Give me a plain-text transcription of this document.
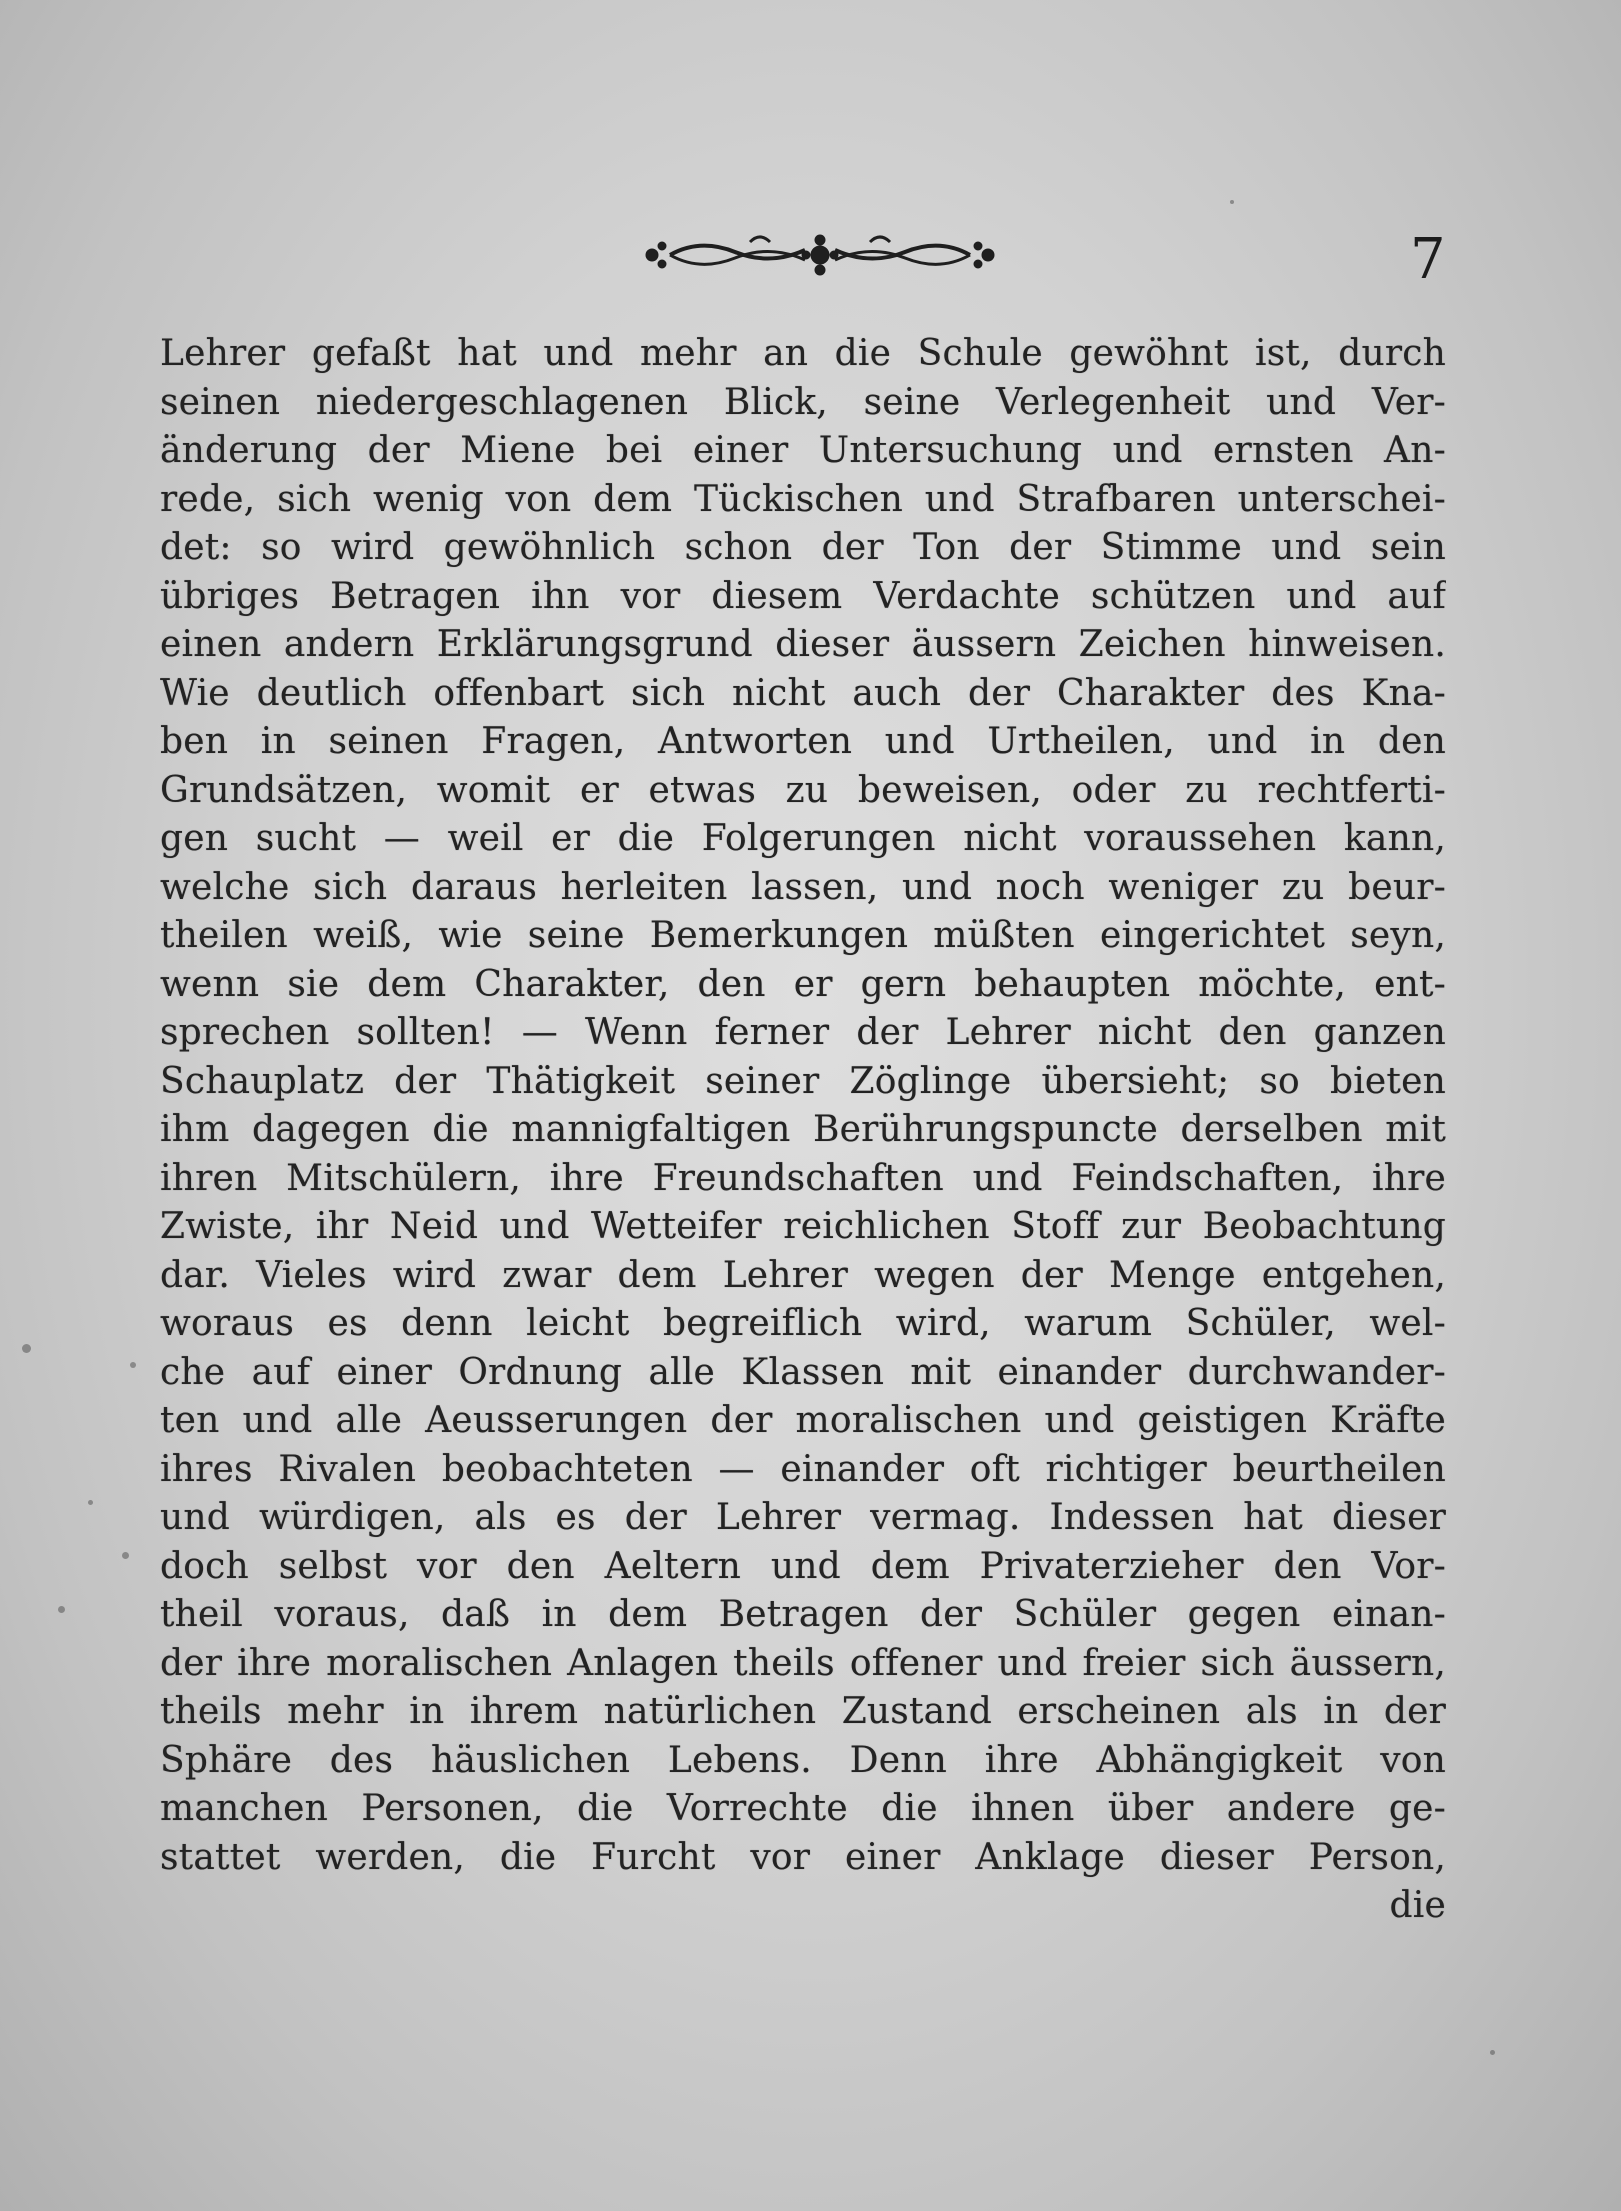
7
Lehrer gefaßt hat und mehr an die Schule gewöhnt ist, durch
seinen niedergeschlagenen Blick, seine Verlegenheit und Ver-
änderung der Miene bei einer Untersuchung und ernsten An-
rede, sich wenig von dem Tückischen und Strafbaren unterschei-
det: so wird gewöhnlich schon der Ton der Stimme und sein
übriges Betragen ihn vor diesem Verdachte schützen und auf
einen andern Erklärungsgrund dieser äussern Zeichen hinweisen.
Wie deutlich offenbart sich nicht auch der Charakter des Kna-
ben in seinen Fragen, Antworten und Urtheilen, und in den
Grundsätzen, womit er etwas zu beweisen, oder zu rechtferti-
gen sucht — weil er die Folgerungen nicht voraussehen kann,
welche sich daraus herleiten lassen, und noch weniger zu beur-
theilen weiß, wie seine Bemerkungen müßten eingerichtet seyn,
wenn sie dem Charakter, den er gern behaupten möchte, ent-
sprechen sollten! — Wenn ferner der Lehrer nicht den ganzen
Schauplatz der Thätigkeit seiner Zöglinge übersieht; so bieten
ihm dagegen die mannigfaltigen Berührungspuncte derselben mit
ihren Mitschülern, ihre Freundschaften und Feindschaften, ihre
Zwiste, ihr Neid und Wetteifer reichlichen Stoff zur Beobachtung
dar. Vieles wird zwar dem Lehrer wegen der Menge entgehen,
woraus es denn leicht begreiflich wird, warum Schüler, wel-
che auf einer Ordnung alle Klassen mit einander durchwander-
ten und alle Aeusserungen der moralischen und geistigen Kräfte
ihres Rivalen beobachteten — einander oft richtiger beurtheilen
und würdigen, als es der Lehrer vermag. Indessen hat dieser
doch selbst vor den Aeltern und dem Privaterzieher den Vor-
theil voraus, daß in dem Betragen der Schüler gegen einan-
der ihre moralischen Anlagen theils offener und freier sich äussern,
theils mehr in ihrem natürlichen Zustand erscheinen als in der
Sphäre des häuslichen Lebens. Denn ihre Abhängigkeit von
manchen Personen, die Vorrechte die ihnen über andere ge-
stattet werden, die Furcht vor einer Anklage dieser Person,
die
